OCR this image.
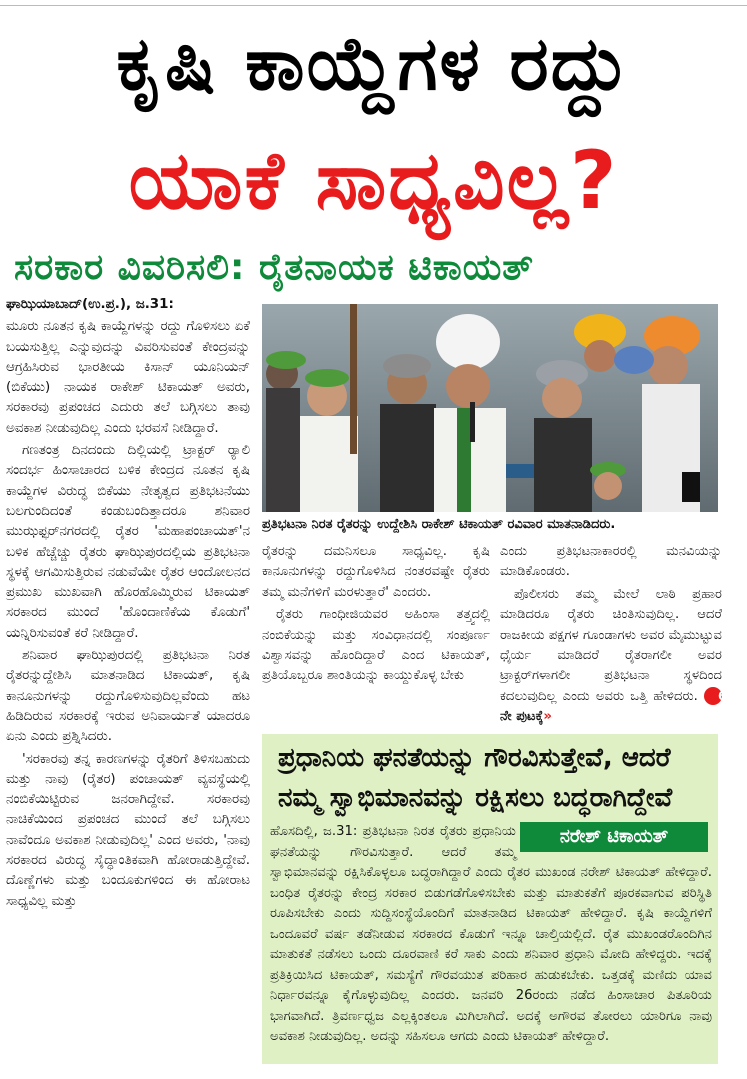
ಕೃಷಿ ಕಾಯ್ದೆಗಳ ರದ್ದು
ಯಾಕೆ ಸಾಧ್ಯವಿಲ್ಲ?
ಸರಕಾರ ವಿವರಿಸಲಿ: ರೈತನಾಯಕ ಟಿಕಾಯತ್

ಘಾಝಿಯಾಬಾದ್(ಉ.ಪ್ರ.), ಜ.31:

ಮೂರು ನೂತನ ಕೃಷಿ ಕಾಯ್ದೆಗಳನ್ನು ರದ್ದು ಗೊಳಿಸಲು ಏಕೆ ಬಯಸುತ್ತಿಲ್ಲ ಎನ್ನುವುದನ್ನು ವಿವರಿಸುವಂತೆ ಕೇಂದ್ರವನ್ನು ಆಗ್ರಹಿಸಿರುವ ಭಾರತೀಯ ಕಿಸಾನ್ ಯೂನಿಯನ್ (ಬಿಕೆಯು) ನಾಯಕ ರಾಕೇಶ್ ಟಿಕಾಯತ್ ಅವರು, ಸರಕಾರವು ಪ್ರಪಂಚದ ಎದುರು ತಲೆ ಬಗ್ಗಿಸಲು ತಾವು ಅವಕಾಶ ನೀಡುವುದಿಲ್ಲ ಎಂದು ಭರವಸೆ ನೀಡಿದ್ದಾರೆ.

ಗಣತಂತ್ರ ದಿನದಂದು ದಿಲ್ಲಿಯಲ್ಲಿ ಟ್ರಾಕ್ಟರ್ ರ‍್ಯಾಲಿ ಸಂದರ್ಭ ಹಿಂಸಾಚಾರದ ಬಳಿಕ ಕೇಂದ್ರದ ನೂತನ ಕೃಷಿ ಕಾಯ್ದೆಗಳ ವಿರುದ್ಧ ಬಿಕೆಯು ನೇತೃತ್ವದ ಪ್ರತಿಭಟನೆಯು ಬಲಗುಂದಿದಂತೆ ಕಂಡುಬಂದಿತ್ತಾದರೂ ಶನಿವಾರ ಮುಝಫ್ಫರ್‌ನಗರದಲ್ಲಿ ರೈತರ 'ಮಹಾಪಂಚಾಯತ್'ನ ಬಳಿಕ ಹೆಚ್ಚೆಚ್ಚು ರೈತರು ಘಾಝಿಪುರದಲ್ಲಿಯ ಪ್ರತಿಭಟನಾ ಸ್ಥಳಕ್ಕೆ ಆಗಮಿಸುತ್ತಿರುವ ನಡುವೆಯೇ ರೈತರ ಆಂದೋಲನದ ಪ್ರಮುಖ ಮುಖವಾಗಿ ಹೊರಹೊಮ್ಮಿರುವ ಟಿಕಾಯತ್ ಸರಕಾರದ ಮುಂದೆ 'ಹೊಂದಾಣಿಕೆಯ ಕೊಡುಗೆ' ಯನ್ನಿರಿಸುವಂತೆ ಕರೆ ನೀಡಿದ್ದಾರೆ.

ಶನಿವಾರ ಘಾಝಿಪುರದಲ್ಲಿ ಪ್ರತಿಭಟನಾ ನಿರತ ರೈತರನ್ನುದ್ದೇಶಿಸಿ ಮಾತನಾಡಿದ ಟಿಕಾಯತ್, ಕೃಷಿ ಕಾನೂನುಗಳನ್ನು ರದ್ದುಗೊಳಿಸುವುದಿಲ್ಲವೆಂದು ಹಟ ಹಿಡಿದಿರುವ ಸರಕಾರಕ್ಕೆ ಇರುವ ಅನಿವಾರ್ಯತೆ ಯಾದರೂ ಏನು ಎಂದು ಪ್ರಶ್ನಿಸಿದರು.

'ಸರಕಾರವು ತನ್ನ ಕಾರಣಗಳನ್ನು ರೈತರಿಗೆ ತಿಳಿಸಬಹುದು ಮತ್ತು ನಾವು (ರೈತರ) ಪಂಚಾಯತ್ ವ್ಯವಸ್ಥೆಯಲ್ಲಿ ನಂಬಿಕೆಯಿಟ್ಟಿರುವ ಜನರಾಗಿದ್ದೇವೆ. ಸರಕಾರವು ನಾಚಿಕೆಯಿಂದ ಪ್ರಪಂಚದ ಮುಂದೆ ತಲೆ ಬಗ್ಗಿಸಲು ನಾವೆಂದೂ ಅವಕಾಶ ನೀಡುವುದಿಲ್ಲ' ಎಂದ ಅವರು, 'ನಾವು ಸರಕಾರದ ವಿರುದ್ಧ ಸೈದ್ಧಾಂತಿಕವಾಗಿ ಹೋರಾಡುತ್ತಿದ್ದೇವೆ. ದೊಣ್ಣೆಗಳು ಮತ್ತು ಬಂದೂಕುಗಳಿಂದ ಈ ಹೋರಾಟ ಸಾಧ್ಯವಿಲ್ಲ ಮತ್ತು

ಪ್ರತಿಭಟನಾ ನಿರತ ರೈತರನ್ನು ಉದ್ದೇಶಿಸಿ ರಾಕೇಶ್ ಟಿಕಾಯತ್ ರವಿವಾರ ಮಾತನಾಡಿದರು.

ರೈತರನ್ನು ದಮನಿಸಲೂ ಸಾಧ್ಯವಿಲ್ಲ. ಕೃಷಿ ಕಾನೂನುಗಳನ್ನು ರದ್ದುಗೊಳಿಸಿದ ನಂತರವಷ್ಟೇ ರೈತರು ತಮ್ಮ ಮನೆಗಳಿಗೆ ಮರಳುತ್ತಾರೆ' ಎಂದರು.

ರೈತರು ಗಾಂಧೀಜಿಯವರ ಅಹಿಂಸಾ ತತ್ತ್ವದಲ್ಲಿ ನಂಬಿಕೆಯನ್ನು ಮತ್ತು ಸಂವಿಧಾನದಲ್ಲಿ ಸಂಪೂರ್ಣ ವಿಶ್ವಾಸವನ್ನು ಹೊಂದಿದ್ದಾರೆ ಎಂದ ಟಿಕಾಯತ್, ಪ್ರತಿಯೊಬ್ಬರೂ ಶಾಂತಿಯನ್ನು ಕಾಯ್ದುಕೊಳ್ಳ ಬೇಕು

ಎಂದು ಪ್ರತಿಭಟನಾಕಾರರಲ್ಲಿ ಮನವಿಯನ್ನು ಮಾಡಿಕೊಂಡರು.

ಪೊಲೀಸರು ತಮ್ಮ ಮೇಲೆ ಲಾಠಿ ಪ್ರಹಾರ ಮಾಡಿದರೂ ರೈತರು ಚಿಂತಿಸುವುದಿಲ್ಲ. ಆದರೆ ರಾಜಕೀಯ ಪಕ್ಷಗಳ ಗೂಂಡಾಗಳು ಅವರ ಮೈಮುಟ್ಟುವ ಧೈರ್ಯ ಮಾಡಿದರೆ ರೈತರಾಗಲೀ ಅವರ ಟ್ರಾಕ್ಟರ್‌ಗಳಾಗಲೀ ಪ್ರತಿಭಟನಾ ಸ್ಥಳದಿಂದ ಕದಲುವುದಿಲ್ಲ ಎಂದು ಅವರು ಒತ್ತಿ ಹೇಳಿದರು. 6ನೇ ಪುಟಕ್ಕೆ»

ಪ್ರಧಾನಿಯ ಘನತೆಯನ್ನು ಗೌರವಿಸುತ್ತೇವೆ, ಆದರೆ ನಮ್ಮ ಸ್ವಾಭಿಮಾನವನ್ನು ರಕ್ಷಿಸಲು ಬದ್ಧರಾಗಿದ್ದೇವೆ
ನರೇಶ್ ಟಿಕಾಯತ್
ಹೊಸದಿಲ್ಲಿ, ಜ.31: ಪ್ರತಿಭಟನಾ ನಿರತ ರೈತರು ಪ್ರಧಾನಿಯ ಘನತೆಯನ್ನು ಗೌರವಿಸುತ್ತಾರೆ. ಆದರೆ ತಮ್ಮ ಸ್ವಾಭಿಮಾನವನ್ನು ರಕ್ಷಿಸಿಕೊಳ್ಳಲೂ ಬದ್ಧರಾಗಿದ್ದಾರೆ ಎಂದು ರೈತರ ಮುಖಂಡ ನರೇಶ್ ಟಿಕಾಯತ್ ಹೇಳಿದ್ದಾರೆ. ಬಂಧಿತ ರೈತರನ್ನು ಕೇಂದ್ರ ಸರಕಾರ ಬಿಡುಗಡೆಗೊಳಿಸಬೇಕು ಮತ್ತು ಮಾತುಕತೆಗೆ ಪೂರಕವಾಗುವ ಪರಿಸ್ಥಿತಿ ರೂಪಿಸಬೇಕು ಎಂದು ಸುದ್ದಿಸಂಸ್ಥೆಯೊಂದಿಗೆ ಮಾತನಾಡಿದ ಟಿಕಾಯತ್ ಹೇಳಿದ್ದಾರೆ. ಕೃಷಿ ಕಾಯ್ದೆಗಳಿಗೆ ಒಂದೂವರೆ ವರ್ಷ ತಡೆನೀಡುವ ಸರಕಾರದ ಕೊಡುಗೆ ಇನ್ನೂ ಚಾಲ್ತಿಯಲ್ಲಿದೆ. ರೈತ ಮುಖಂಡರೊಂದಿಗಿನ ಮಾತುಕತೆ ನಡೆಸಲು ಒಂದು ದೂರವಾಣಿ ಕರೆ ಸಾಕು ಎಂದು ಶನಿವಾರ ಪ್ರಧಾನಿ ಮೋದಿ ಹೇಳಿದ್ದರು. ಇದಕ್ಕೆ ಪ್ರತಿಕ್ರಿಯಿಸಿದ ಟಿಕಾಯತ್, ಸಮಸ್ಯೆಗೆ ಗೌರವಯುತ ಪರಿಹಾರ ಹುಡುಕಬೇಕು. ಒತ್ತಡಕ್ಕೆ ಮಣಿದು ಯಾವ ನಿರ್ಧಾರವನ್ನೂ ಕೈಗೊಳ್ಳುವುದಿಲ್ಲ ಎಂದರು. ಜನವರಿ 26ರಂದು ನಡೆದ ಹಿಂಸಾಚಾರ ಪಿತೂರಿಯ ಭಾಗವಾಗಿದೆ. ತ್ರಿವರ್ಣಧ್ವಜ ಎಲ್ಲಕ್ಕಿಂತಲೂ ಮಿಗಿಲಾಗಿದೆ. ಅದಕ್ಕೆ ಅಗೌರವ ತೋರಲು ಯಾರಿಗೂ ನಾವು ಅವಕಾಶ ನೀಡುವುದಿಲ್ಲ. ಅದನ್ನು ಸಹಿಸಲೂ ಆಗದು ಎಂದು ಟಿಕಾಯತ್ ಹೇಳಿದ್ದಾರೆ.
